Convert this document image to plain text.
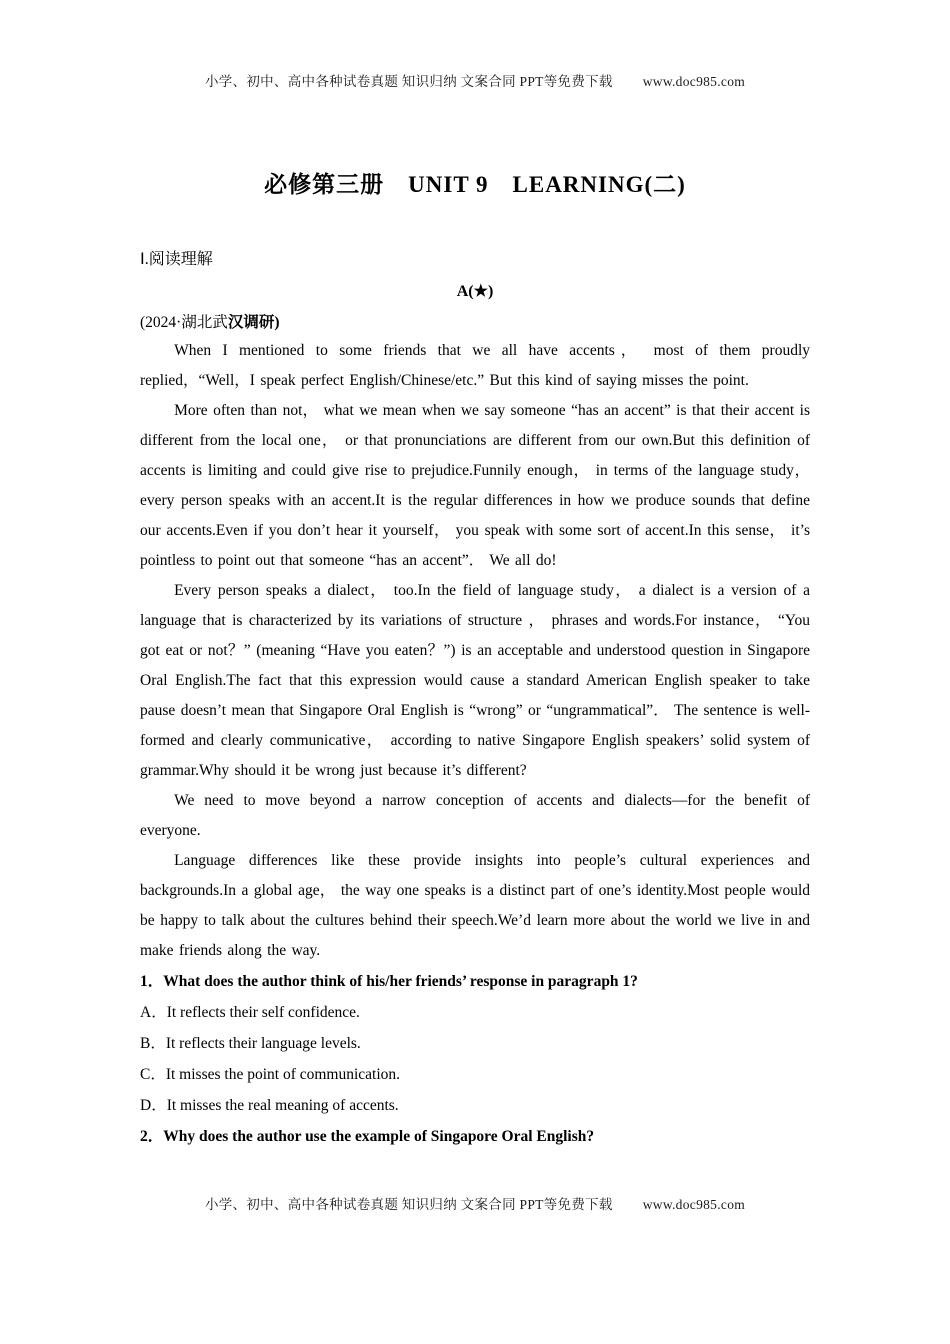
小学、初中、高中各种试卷真题 知识归纳 文案合同 PPT等免费下载 www.doc985.com
必修第三册　UNIT 9　LEARNING(二)
Ⅰ.阅读理解
A(★)
(2024·湖北武汉调研)

When I mentioned to some friends that we all have accents， most of them proudly replied，“Well，I speak perfect English/Chinese/etc.” But this kind of saying misses the point.

More often than not， what we mean when we say someone “has an accent” is that their accent is different from the local one， or that pronunciations are different from our own.But this definition of accents is limiting and could give rise to prejudice.Funnily enough， in terms of the language study， every person speaks with an accent.It is the regular differences in how we produce sounds that define our accents.Even if you don’t hear it yourself， you speak with some sort of accent.In this sense， it’s pointless to point out that someone “has an accent”． We all do!

Every person speaks a dialect， too.In the field of language study， a dialect is a version of a language that is characterized by its variations of structure ， phrases and words.For instance， “You got eat or not？” (meaning “Have you eaten？”) is an acceptable and understood question in Singapore Oral English.The fact that this expression would cause a standard American English speaker to take pause doesn’t mean that Singapore Oral English is “wrong” or “ungrammatical”． The sentence is well-formed and clearly communicative， according to native Singapore English speakers’ solid system of grammar.Why should it be wrong just because it’s different?

We need to move beyond a narrow conception of accents and dialects—for the benefit of everyone.

Language differences like these provide insights into people’s cultural experiences and backgrounds.In a global age， the way one speaks is a distinct part of one’s identity.Most people would be happy to talk about the cultures behind their speech.We’d learn more about the world we live in and make friends along the way.

1．What does the author think of his/her friends’ response in paragraph 1?

A．It reflects their self confidence.

B．It reflects their language levels.

C．It misses the point of communication.

D．It misses the real meaning of accents.

2．Why does the author use the example of Singapore Oral English?

小学、初中、高中各种试卷真题 知识归纳 文案合同 PPT等免费下载 www.doc985.com
